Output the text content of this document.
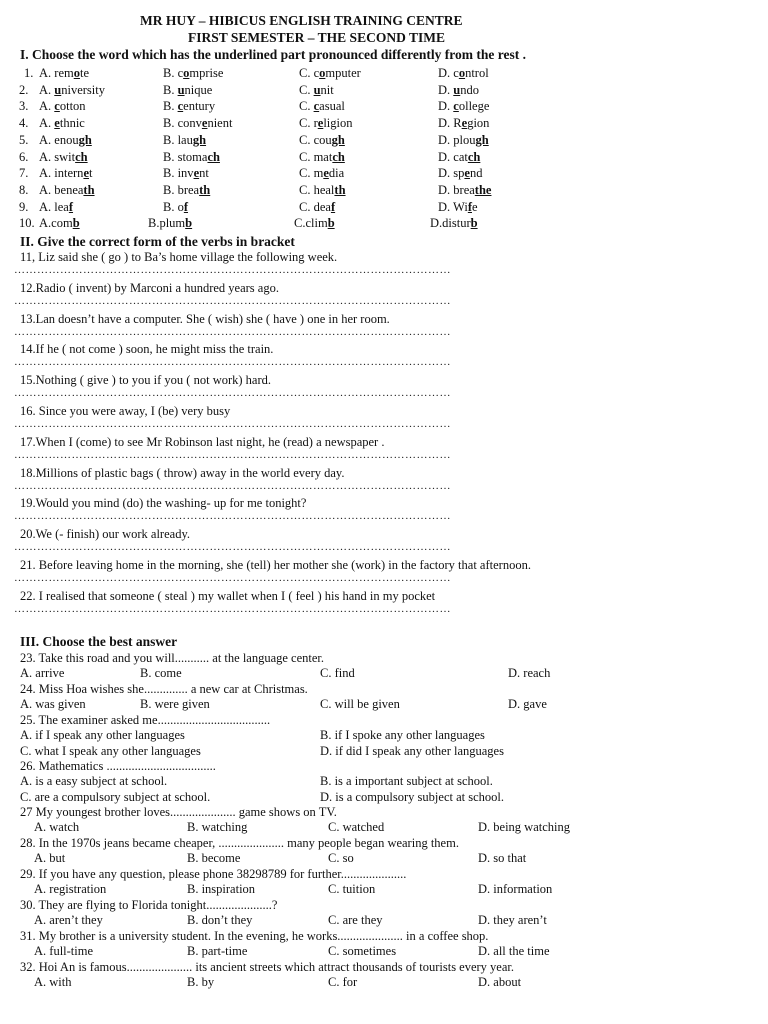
MR HUY – HIBICUS ENGLISH TRAINING CENTRE
FIRST SEMESTER – THE SECOND TIME
I. Choose the word which has the underlined part pronounced differently from the rest .
1. A. remote	B. comprise	C. computer	D. control
2. A. university	B. unique	C. unit	D. undo
3. A. cotton	B. century	C. casual	D. college
4. A. ethnic	B. convenient	C. religion	D. Region
5. A. enough	B. laugh	C. cough	D. plough
6. A. switch	B. stomach	C. match	D. catch
7. A. internet	B. invent	C. media	D. spend
8. A. beneath	B. breath	C. health	D. breathe
9. A. leaf	B. of	C. deaf	D. Wife
10. A.comb	B.plumb	C.climb	D.disturb
II. Give the correct form of the verbs in bracket
11, Liz said she ( go ) to Ba’s home village the following week.
……………………………………………………………………………………………………
12.Radio ( invent) by Marconi a hundred years ago.
……………………………………………………………………………………………………
13.Lan doesn’t have a computer. She ( wish) she ( have ) one in her room.
……………………………………………………………………………………………………
14.If he ( not come ) soon, he might miss the train.
……………………………………………………………………………………………………
15.Nothing ( give ) to you if you ( not work) hard.
……………………………………………………………………………………………………
16. Since you were away, I (be) very busy
……………………………………………………………………………………………………
17.When I (come) to see Mr Robinson last night, he (read) a newspaper .
……………………………………………………………………………………………………
18.Millions of plastic bags ( throw) away in the world every day.
……………………………………………………………………………………………………
19.Would you mind (do) the washing- up for me tonight?
……………………………………………………………………………………………………
20.We (- finish) our work already.
……………………………………………………………………………………………………
21. Before leaving home in the morning, she (tell) her mother she (work) in the factory that afternoon.
……………………………………………………………………………………………………
22. I realised that someone ( steal ) my wallet when I ( feel ) his hand in my pocket
……………………………………………………………………………………………………
III. Choose the best answer
23. Take this road and you will........... at the language center.
A. arrive	B. come	C. find	D. reach
24. Miss Hoa wishes she.............. a new car at Christmas.
A. was given	B. were given	C. will be given	D. gave
25. The examiner asked me....................................
A. if I speak any other languages	B. if I spoke any other languages
C. what I speak any other languages	D. if did I speak any other languages
26. Mathematics ...................................
A. is a easy subject at school.	B. is a important subject at school.
C. are a compulsory subject at school.	D. is a compulsory subject at school.
27 My youngest brother loves..................... game shows on TV.
A. watch	B. watching	C. watched	D. being watching
28. In the 1970s jeans became cheaper, ..................... many people began wearing them.
A. but	B. become	C. so	D. so that
29. If you have any question, please phone 38298789 for further.....................
A. registration	B. inspiration	C. tuition	D. information
30. They are flying to Florida tonight.....................?
A. aren’t they	B. don’t they	C. are they	D. they aren’t
31. My brother is a university student. In the evening, he works..................... in a coffee shop.
A. full-time	B. part-time	C. sometimes	D. all the time
32. Hoi An is famous..................... its ancient streets which attract thousands of tourists every year.
A. with	B. by	C. for	D. about
